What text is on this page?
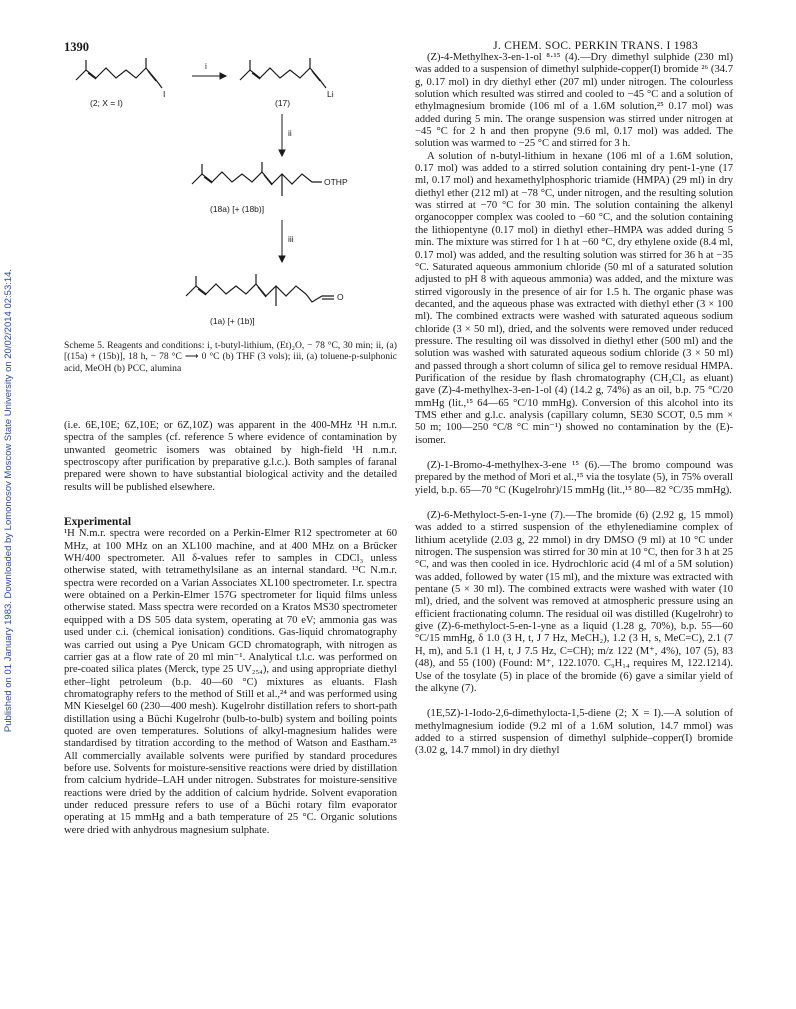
Published on 01 January 1983. Downloaded by Lomonosov Moscow State University on 20/02/2014 02:53:14.
1390	J. CHEM. SOC. PERKIN TRANS. I 1983
I
(2; X = I)
i
Li
(17)
ii
OTHP
(18a) [+ (18b)]
iii
O
(1a) [+ (1b)]

Scheme 5. Reagents and conditions: i, t-butyl-lithium, (Et)₂O, − 78 °C, 30 min; ii, (a) [(15a) + (15b)], 18 h, − 78 °C ⟶ 0 °C (b) THF (3 vols); iii, (a) toluene-p-sulphonic acid, MeOH (b) PCC, alumina

(i.e. 6E,10E; 6Z,10E; or 6Z,10Z) was apparent in the 400-MHz ¹H n.m.r. spectra of the samples (cf. reference 5 where evidence of contamination by unwanted geometric isomers was obtained by high-field ¹H n.m.r. spectroscopy after purification by preparative g.l.c.). Both samples of faranal prepared were shown to have substantial biological activity and the detailed results will be published elsewhere.

Experimental

¹H N.m.r. spectra were recorded on a Perkin-Elmer R12 spectrometer at 60 MHz, at 100 MHz on an XL100 machine, and at 400 MHz on a Brücker WH/400 spectrometer. All δ-values refer to samples in CDCl₃ unless otherwise stated, with tetramethylsilane as an internal standard. ¹³C N.m.r. spectra were recorded on a Varian Associates XL100 spectrometer. I.r. spectra were obtained on a Perkin-Elmer 157G spectrometer for liquid films unless otherwise stated. Mass spectra were recorded on a Kratos MS30 spectrometer equipped with a DS 505 data system, operating at 70 eV; ammonia gas was used under c.i. (chemical ionisation) conditions. Gas-liquid chromatography was carried out using a Pye Unicam GCD chromatograph, with nitrogen as carrier gas at a flow rate of 20 ml min⁻¹. Analytical t.l.c. was performed on pre-coated silica plates (Merck, type 25 UV₂₅₄), and using appropriate diethyl ether–light petroleum (b.p. 40—60 °C) mixtures as eluants. Flash chromatography refers to the method of Still et al.,²⁴ and was performed using MN Kieselgel 60 (230—400 mesh). Kugelrohr distillation refers to short-path distillation using a Büchi Kugelrohr (bulb-to-bulb) system and boiling points quoted are oven temperatures. Solutions of alkyl-magnesium halides were standardised by titration according to the method of Watson and Eastham.²⁵ All commercially available solvents were purified by standard procedures before use. Solvents for moisture-sensitive reactions were dried by distillation from calcium hydride–LAH under nitrogen. Substrates for moisture-sensitive reactions were dried by the addition of calcium hydride. Solvent evaporation under reduced pressure refers to use of a Büchi rotary film evaporator operating at 15 mmHg and a bath temperature of 25 °C. Organic solutions were dried with anhydrous magnesium sulphate.

(Z)-4-Methylhex-3-en-1-ol ⁸·¹⁵ (4).—Dry dimethyl sulphide (230 ml) was added to a suspension of dimethyl sulphide-copper(I) bromide ²⁶ (34.7 g, 0.17 mol) in dry diethyl ether (207 ml) under nitrogen. The colourless solution which resulted was stirred and cooled to −45 °C and a solution of ethylmagnesium bromide (106 ml of a 1.6M solution,²⁵ 0.17 mol) was added during 5 min. The orange suspension was stirred under nitrogen at −45 °C for 2 h and then propyne (9.6 ml, 0.17 mol) was added. The solution was warmed to −25 °C and stirred for 3 h.

A solution of n-butyl-lithium in hexane (106 ml of a 1.6M solution, 0.17 mol) was added to a stirred solution containing dry pent-1-yne (17 ml, 0.17 mol) and hexamethylphosphoric triamide (HMPA) (29 ml) in dry diethyl ether (212 ml) at −78 °C, under nitrogen, and the resulting solution was stirred at −70 °C for 30 min. The solution containing the alkenyl organocopper complex was cooled to −60 °C, and the solution containing the lithiopentyne (0.17 mol) in diethyl ether–HMPA was added during 5 min. The mixture was stirred for 1 h at −60 °C, dry ethylene oxide (8.4 ml, 0.17 mol) was added, and the resulting solution was stirred for 36 h at −35 °C. Saturated aqueous ammonium chloride (50 ml of a saturated solution adjusted to pH 8 with aqueous ammonia) was added, and the mixture was stirred vigorously in the presence of air for 1.5 h. The organic phase was decanted, and the aqueous phase was extracted with diethyl ether (3 × 100 ml). The combined extracts were washed with saturated aqueous sodium chloride (3 × 50 ml), dried, and the solvents were removed under reduced pressure. The resulting oil was dissolved in diethyl ether (500 ml) and the solution was washed with saturated aqueous sodium chloride (3 × 50 ml) and passed through a short column of silica gel to remove residual HMPA. Purification of the residue by flash chromatography (CH₂Cl₂ as eluant) gave (Z)-4-methylhex-3-en-1-ol (4) (14.2 g, 74%) as an oil, b.p. 75 °C/20 mmHg (lit.,¹⁵ 64—65 °C/10 mmHg). Conversion of this alcohol into its TMS ether and g.l.c. analysis (capillary column, SE30 SCOT, 0.5 mm × 50 m; 100—250 °C/8 °C min⁻¹) showed no contamination by the (E)-isomer.

(Z)-1-Bromo-4-methylhex-3-ene ¹⁵ (6).—The bromo compound was prepared by the method of Mori et al.,¹⁵ via the tosylate (5), in 75% overall yield, b.p. 65—70 °C (Kugelrohr)/15 mmHg (lit.,¹⁵ 80—82 °C/35 mmHg).

(Z)-6-Methyloct-5-en-1-yne (7).—The bromide (6) (2.92 g, 15 mmol) was added to a stirred suspension of the ethylenediamine complex of lithium acetylide (2.03 g, 22 mmol) in dry DMSO (9 ml) at 10 °C under nitrogen. The suspension was stirred for 30 min at 10 °C, then for 3 h at 25 °C, and was then cooled in ice. Hydrochloric acid (4 ml of a 5M solution) was added, followed by water (15 ml), and the mixture was extracted with pentane (5 × 30 ml). The combined extracts were washed with water (10 ml), dried, and the solvent was removed at atmospheric pressure using an efficient fractionating column. The residual oil was distilled (Kugelrohr) to give (Z)-6-methyloct-5-en-1-yne as a liquid (1.28 g, 70%), b.p. 55—60 °C/15 mmHg, δ 1.0 (3 H, t, J 7 Hz, MeCH₂), 1.2 (3 H, s, MeC=C), 2.1 (7 H, m), and 5.1 (1 H, t, J 7.5 Hz, C=CH); m/z 122 (M⁺, 4%), 107 (5), 83 (48), and 55 (100) (Found: M⁺, 122.1070. C₉H₁₄ requires M, 122.1214). Use of the tosylate (5) in place of the bromide (6) gave a similar yield of the alkyne (7).

(1E,5Z)-1-Iodo-2,6-dimethylocta-1,5-diene (2; X = I).—A solution of methylmagnesium iodide (9.2 ml of a 1.6M solution, 14.7 mmol) was added to a stirred suspension of dimethyl sulphide–copper(I) bromide (3.02 g, 14.7 mmol) in dry diethyl
